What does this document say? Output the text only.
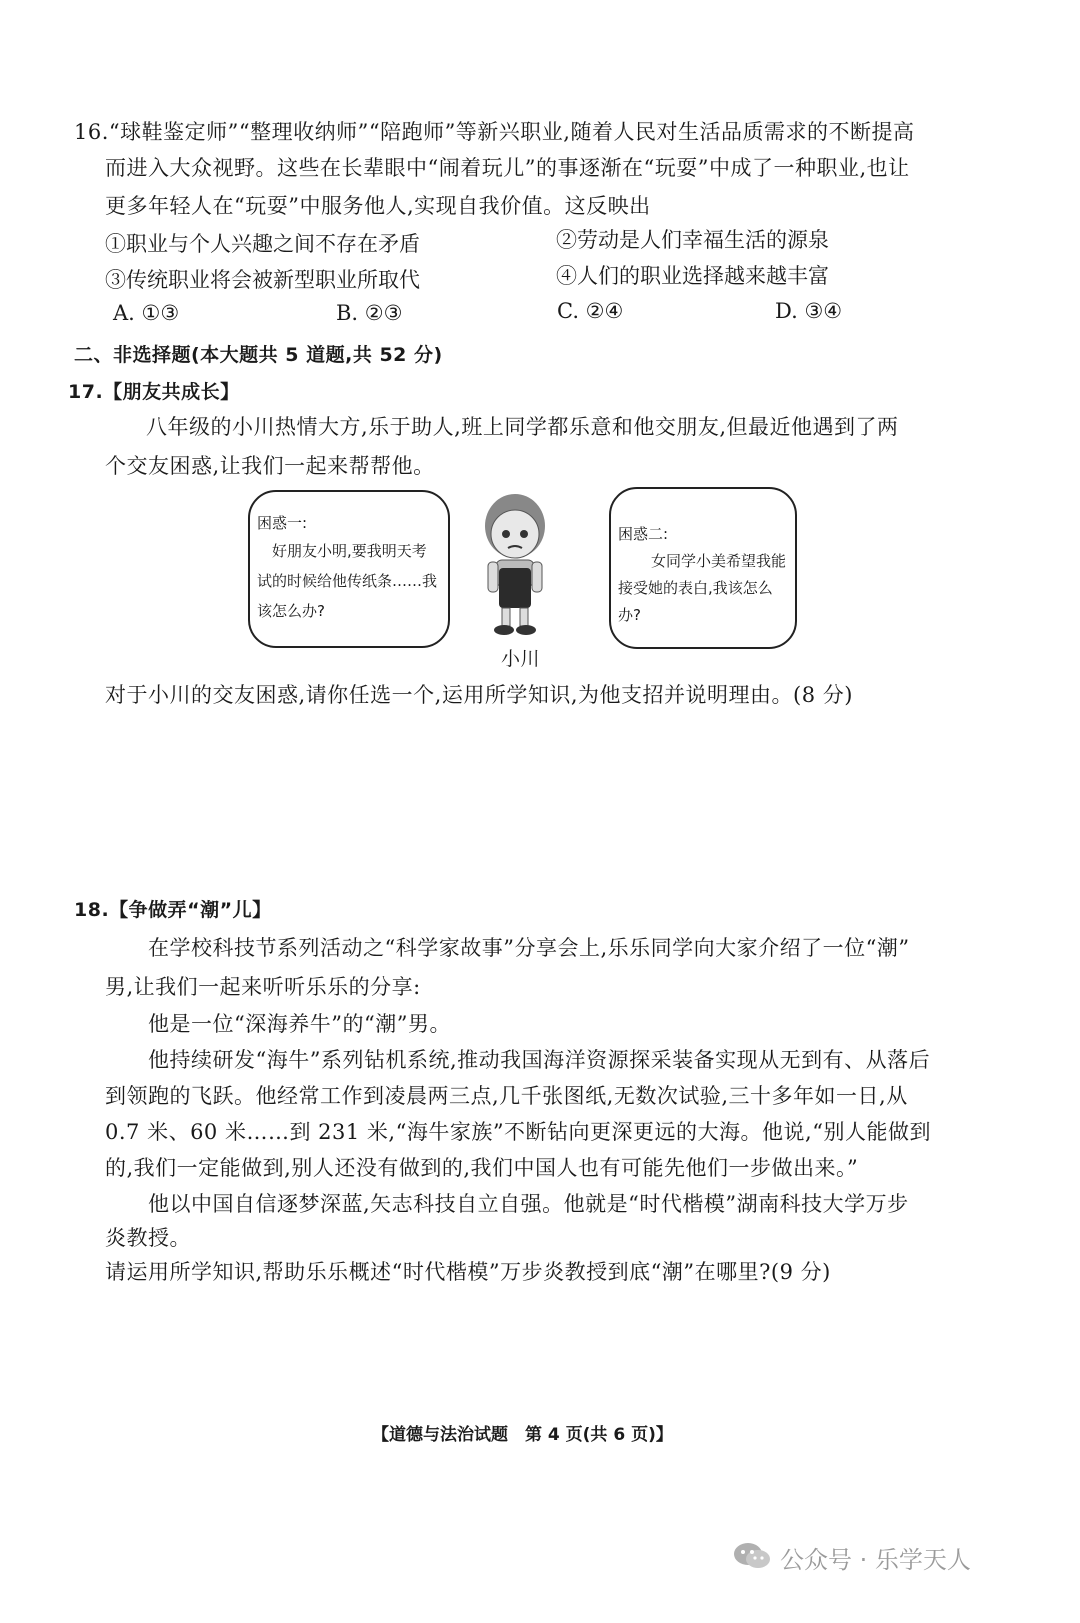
16.“球鞋鉴定师”“整理收纳师”“陪跑师”等新兴职业,随着人民对生活品质需求的不断提高
而进入大众视野。这些在长辈眼中“闹着玩儿”的事逐渐在“玩耍”中成了一种职业,也让
更多年轻人在“玩耍”中服务他人,实现自我价值。这反映出
①职业与个人兴趣之间不存在矛盾	②劳动是人们幸福生活的源泉
③传统职业将会被新型职业所取代	④人们的职业选择越来越丰富
A. ①③	B. ②③	C. ②④	D. ③④
二、非选择题(本大题共 5 道题,共 52 分)
17.【朋友共成长】
八年级的小川热情大方,乐于助人,班上同学都乐意和他交朋友,但最近他遇到了两
个交友困惑,让我们一起来帮帮他。
困惑一:
好朋友小明,要我明天考
试的时候给他传纸条……我
该怎么办?
小川
困惑二:
女同学小美希望我能
接受她的表白,我该怎么
办?
对于小川的交友困惑,请你任选一个,运用所学知识,为他支招并说明理由。(8 分)
18.【争做弄“潮”儿】
在学校科技节系列活动之“科学家故事”分享会上,乐乐同学向大家介绍了一位“潮”
男,让我们一起来听听乐乐的分享:
他是一位“深海养牛”的“潮”男。
他持续研发“海牛”系列钻机系统,推动我国海洋资源探采装备实现从无到有、从落后
到领跑的飞跃。他经常工作到凌晨两三点,几千张图纸,无数次试验,三十多年如一日,从
0.7 米、60 米……到 231 米,“海牛家族”不断钻向更深更远的大海。他说,“别人能做到
的,我们一定能做到,别人还没有做到的,我们中国人也有可能先他们一步做出来。”
他以中国自信逐梦深蓝,矢志科技自立自强。他就是“时代楷模”湖南科技大学万步
炎教授。
请运用所学知识,帮助乐乐概述“时代楷模”万步炎教授到底“潮”在哪里?(9 分)
【道德与法治试题　第 4 页(共 6 页)】
公众号 · 乐学天人
